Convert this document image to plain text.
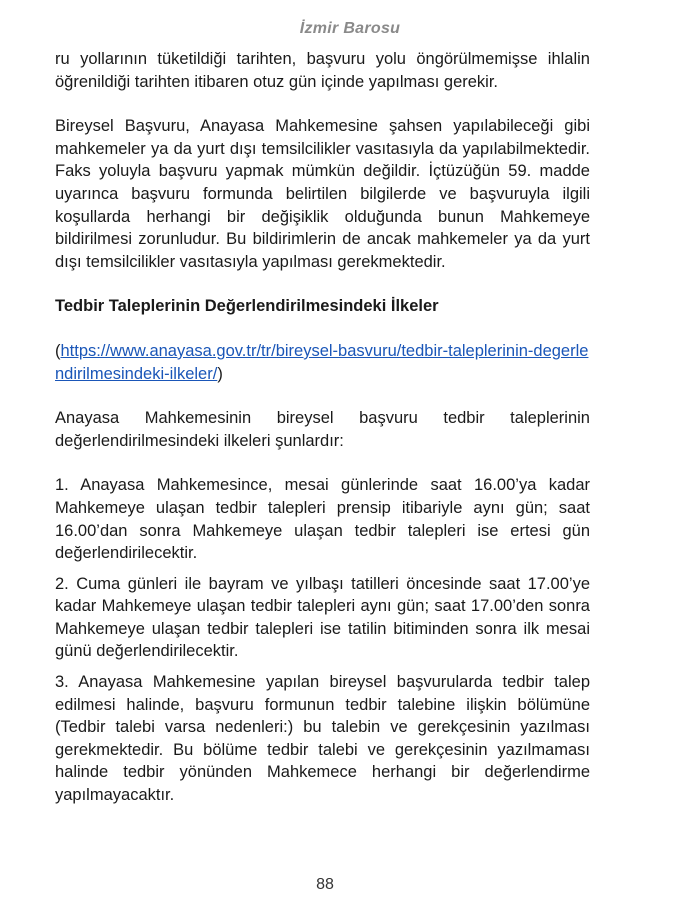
İzmir Barosu

ru yollarının tüketildiği tarihten, başvuru yolu öngörülmemişse ihlalin öğrenildiği tarihten itibaren otuz gün içinde yapılması gerekir.

Bireysel Başvuru, Anayasa Mahkemesine şahsen yapılabileceği gibi mahkemeler ya da yurt dışı temsilcilikler vasıtasıyla da yapılabilmektedir. Faks yoluyla başvuru yapmak mümkün değildir. İçtüzüğün 59. madde uyarınca başvuru formunda belirtilen bilgilerde ve başvuruyla ilgili koşullarda herhangi bir değişiklik olduğunda bunun Mahkemeye bildirilmesi zorunludur. Bu bildirimlerin de ancak mahkemeler ya da yurt dışı temsilcilikler vasıtasıyla yapılması gerekmektedir.

Tedbir Taleplerinin Değerlendirilmesindeki İlkeler

(https://www.anayasa.gov.tr/tr/bireysel-basvuru/tedbir-taleplerinin-degerlendirilmesindeki-ilkeler/)

Anayasa Mahkemesinin bireysel başvuru tedbir taleplerinin değerlendirilmesindeki ilkeleri şunlardır:

1. Anayasa Mahkemesince, mesai günlerinde saat 16.00’ya kadar Mahkemeye ulaşan tedbir talepleri prensip itibariyle aynı gün; saat 16.00’dan sonra Mahkemeye ulaşan tedbir talepleri ise ertesi gün değerlendirilecektir.

2. Cuma günleri ile bayram ve yılbaşı tatilleri öncesinde saat 17.00’ye kadar Mahkemeye ulaşan tedbir talepleri aynı gün; saat 17.00’den sonra Mahkemeye ulaşan tedbir talepleri ise tatilin bitiminden sonra ilk mesai günü değerlendirilecektir.

3. Anayasa Mahkemesine yapılan bireysel başvurularda tedbir talep edilmesi halinde, başvuru formunun tedbir talebine ilişkin bölümüne (Tedbir talebi varsa nedenleri:) bu talebin ve gerekçesinin yazılması gerekmektedir. Bu bölüme tedbir talebi ve gerekçesinin yazılmaması halinde tedbir yönünden Mahkemece herhangi bir değerlendirme yapılmayacaktır.

88
